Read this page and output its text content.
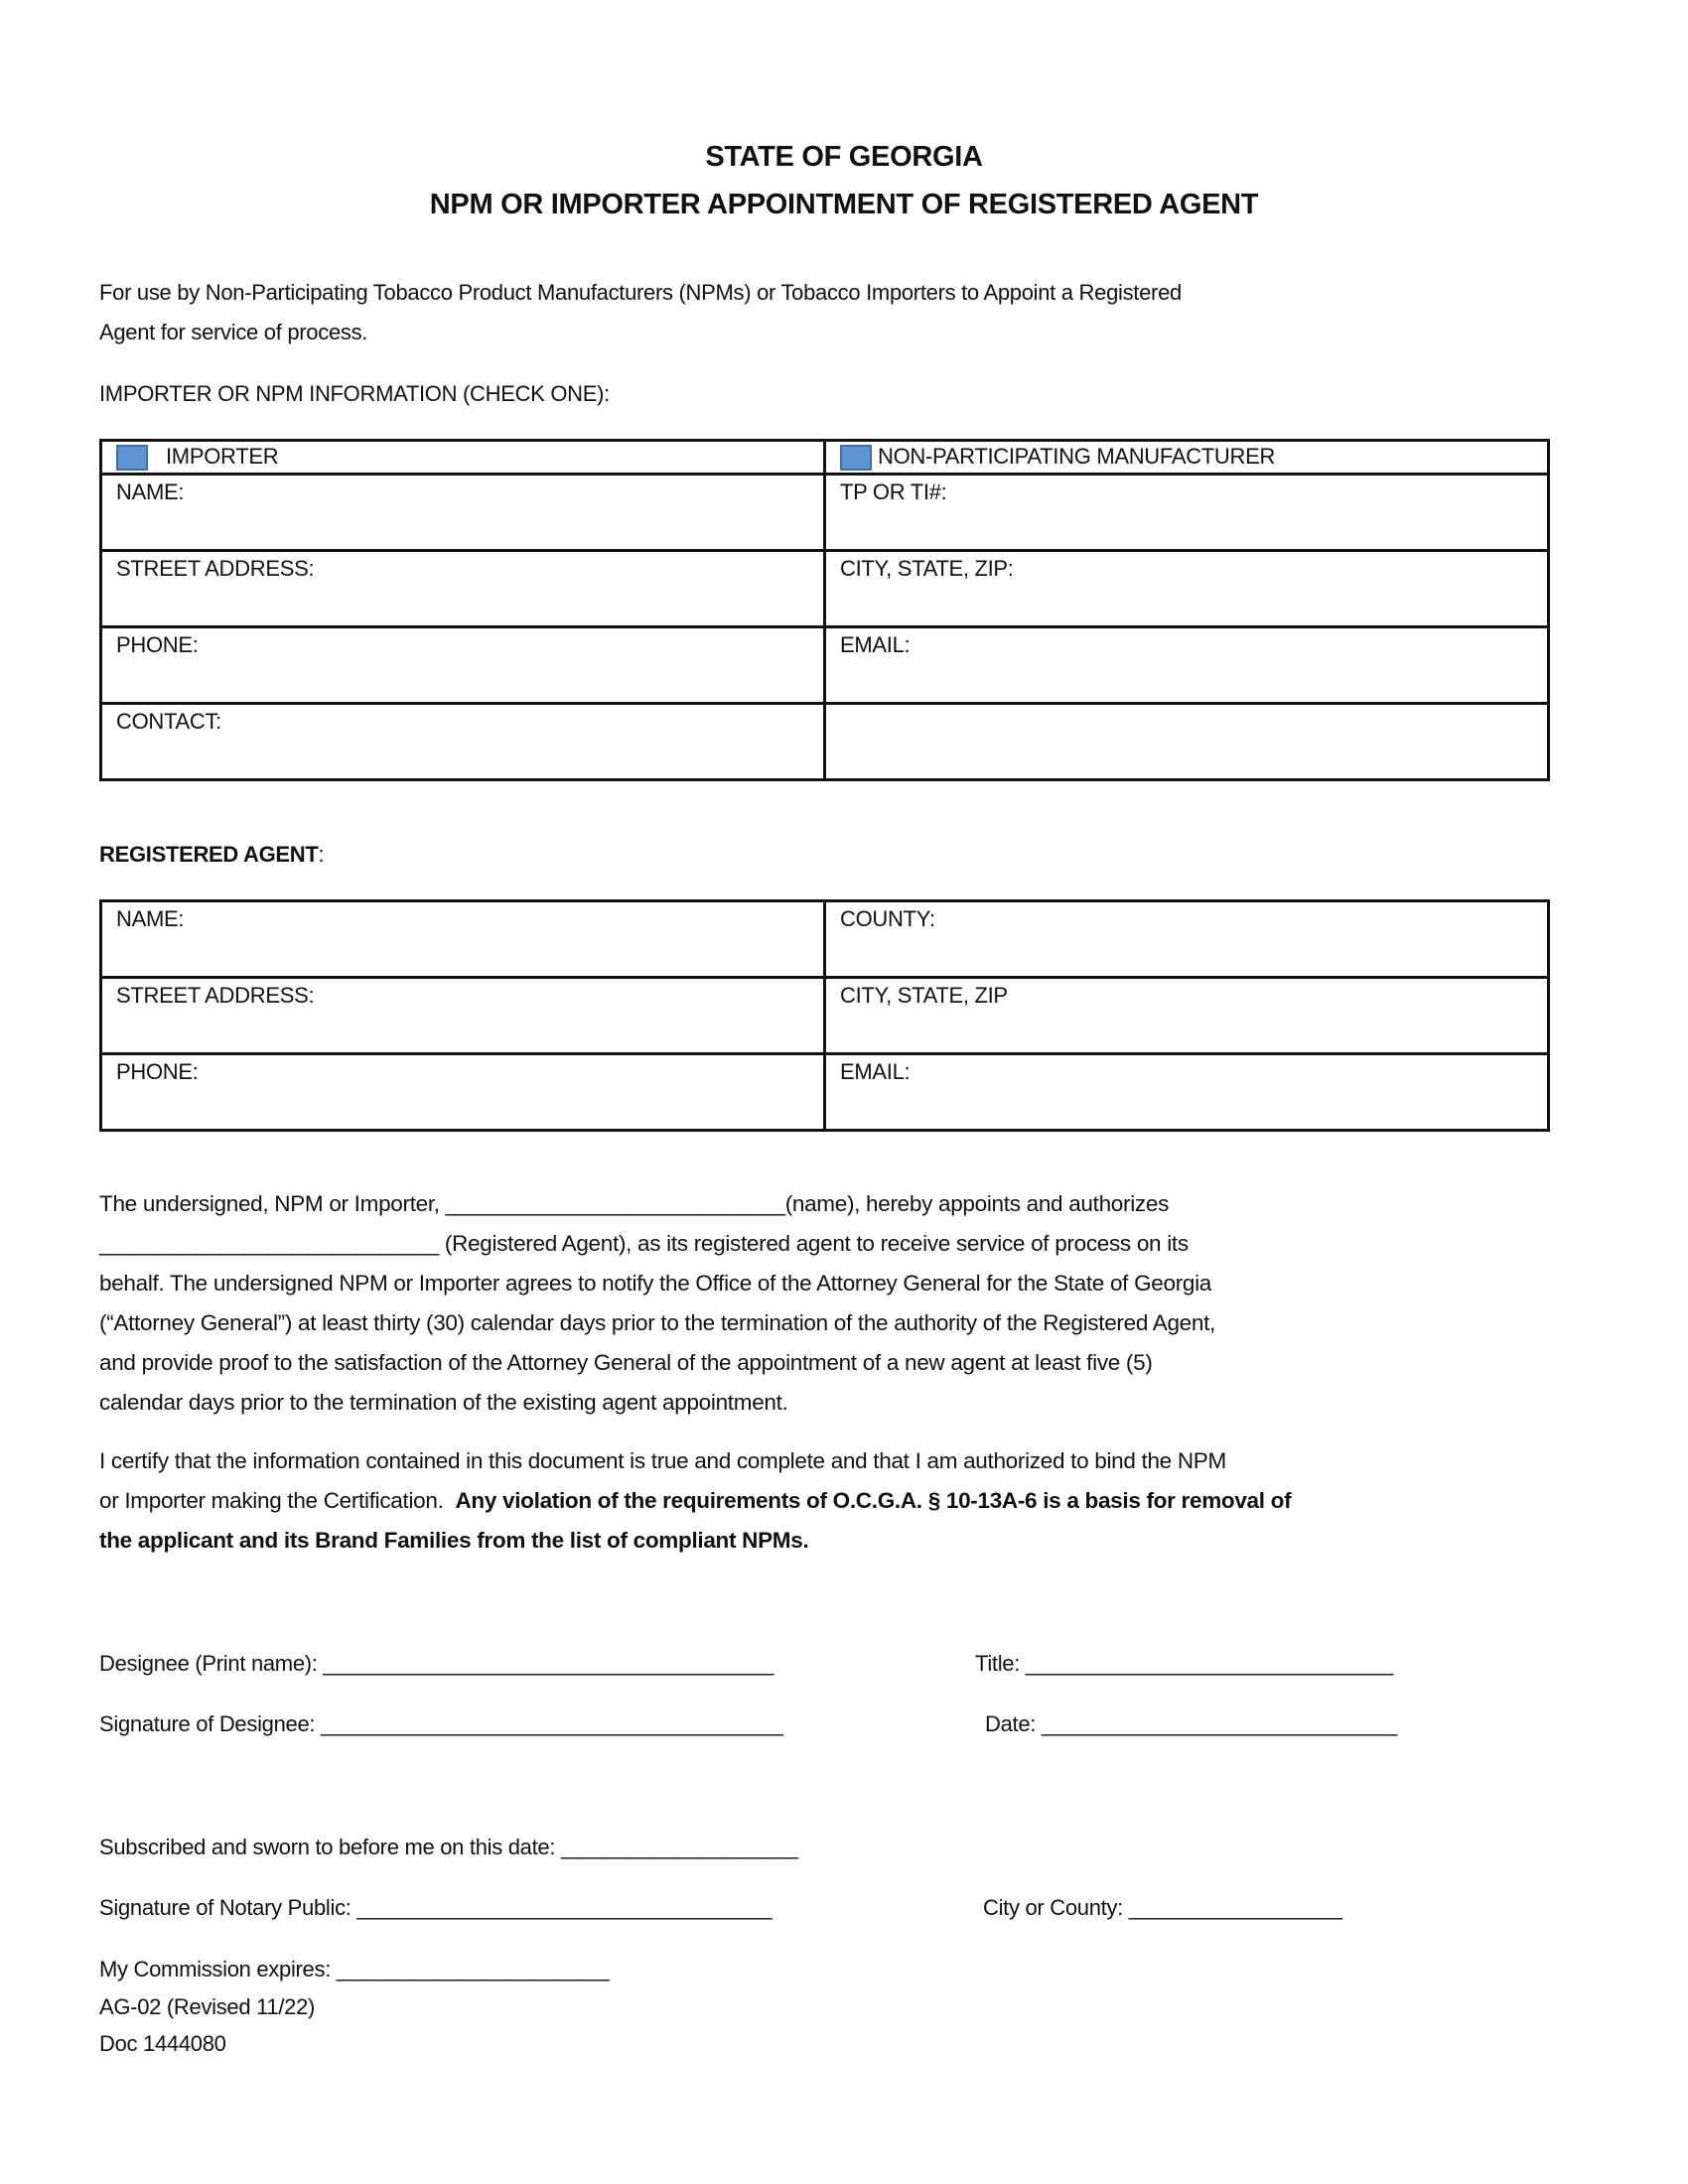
STATE OF GEORGIA
NPM OR IMPORTER APPOINTMENT OF REGISTERED AGENT
For use by Non-Participating Tobacco Product Manufacturers (NPMs) or Tobacco Importers to Appoint a Registered
Agent for service of process.
IMPORTER OR NPM INFORMATION (CHECK ONE):
IMPORTER	NON-PARTICIPATING MANUFACTURER
NAME:	TP OR TI#:
STREET ADDRESS:	CITY, STATE, ZIP:
PHONE:	EMAIL:
CONTACT:	
REGISTERED AGENT:
NAME:	COUNTY:
STREET ADDRESS:	CITY, STATE, ZIP
PHONE:	EMAIL:

The undersigned, NPM or Importer, ____________________________(name), hereby appoints and authorizes

____________________________ (Registered Agent), as its registered agent to receive service of process on its

behalf. The undersigned NPM or Importer agrees to notify the Office of the Attorney General for the State of Georgia

(“Attorney General”) at least thirty (30) calendar days prior to the termination of the authority of the Registered Agent,

and provide proof to the satisfaction of the Attorney General of the appointment of a new agent at least five (5)

calendar days prior to the termination of the existing agent appointment.

I certify that the information contained in this document is true and complete and that I am authorized to bind the NPM

or Importer making the Certification.  Any violation of the requirements of O.C.G.A. § 10-13A-6 is a basis for removal of

the applicant and its Brand Families from the list of compliant NPMs.

Designee (Print name): ______________________________________	Title: _______________________________
Signature of Designee: _______________________________________	Date: ______________________________
Subscribed and sworn to before me on this date: ____________________
Signature of Notary Public: ___________________________________	City or County: __________________
My Commission expires: _______________________
AG-02 (Revised 11/22)
Doc 1444080
